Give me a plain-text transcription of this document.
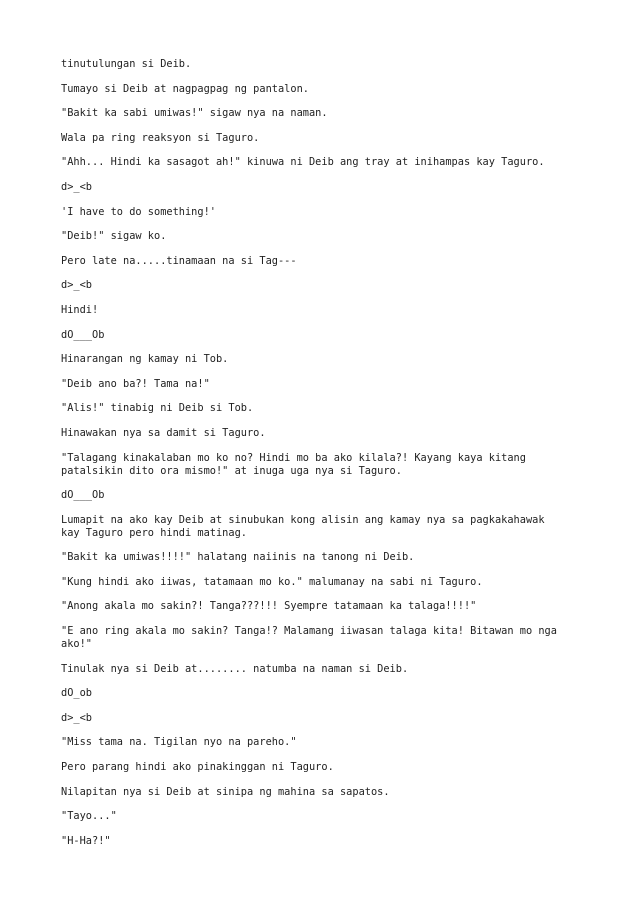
tinutulungan si Deib.

Tumayo si Deib at nagpagpag ng pantalon.

"Bakit ka sabi umiwas!" sigaw nya na naman.

Wala pa ring reaksyon si Taguro.

"Ahh... Hindi ka sasagot ah!" kinuwa ni Deib ang tray at inihampas kay Taguro.

d>_<b

'I have to do something!'

"Deib!" sigaw ko.

Pero late na.....tinamaan na si Tag---

d>_<b

Hindi!

dO___Ob

Hinarangan ng kamay ni Tob.

"Deib ano ba?! Tama na!"

"Alis!" tinabig ni Deib si Tob.

Hinawakan nya sa damit si Taguro.

"Talagang kinakalaban mo ko no? Hindi mo ba ako kilala?! Kayang kaya kitang
patalsikin dito ora mismo!" at inuga uga nya si Taguro.

dO___Ob

Lumapit na ako kay Deib at sinubukan kong alisin ang kamay nya sa pagkakahawak
kay Taguro pero hindi matinag.

"Bakit ka umiwas!!!!" halatang naiinis na tanong ni Deib.

"Kung hindi ako iiwas, tatamaan mo ko." malumanay na sabi ni Taguro.

"Anong akala mo sakin?! Tanga???!!! Syempre tatamaan ka talaga!!!!"

"E ano ring akala mo sakin? Tanga!? Malamang iiwasan talaga kita! Bitawan mo nga
ako!"

Tinulak nya si Deib at........ natumba na naman si Deib.

dO_ob

d>_<b

"Miss tama na. Tigilan nyo na pareho."

Pero parang hindi ako pinakinggan ni Taguro.

Nilapitan nya si Deib at sinipa ng mahina sa sapatos.

"Tayo..."

"H-Ha?!"
